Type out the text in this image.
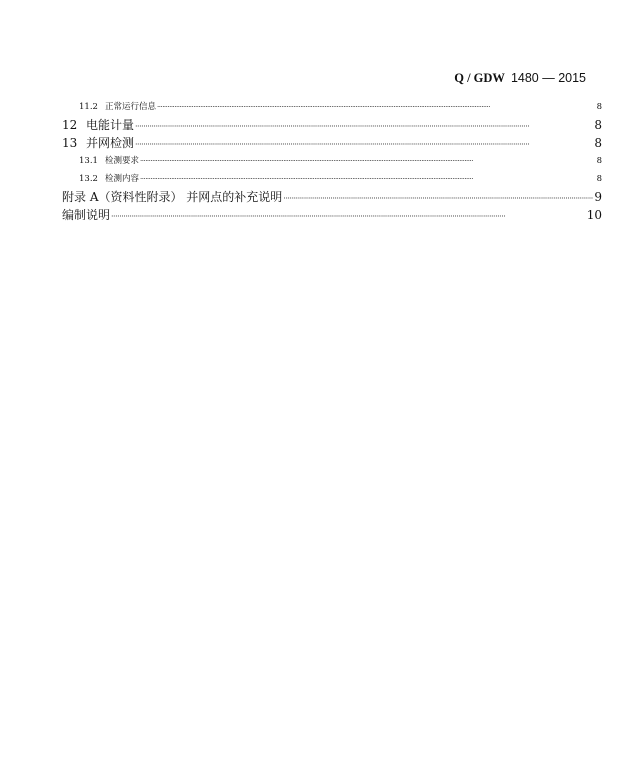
Q / GDW 1480 — 2015
11.2 正常运行信息 ·····	8
12 电能计量 ·····	8
13 并网检测 ·····	8
13.1 检测要求 ·····	8
13.2 检测内容 ·····	8
附录 A（资料性附录） 并网点的补充说明 ·····	9
编制说明 ·····	10
